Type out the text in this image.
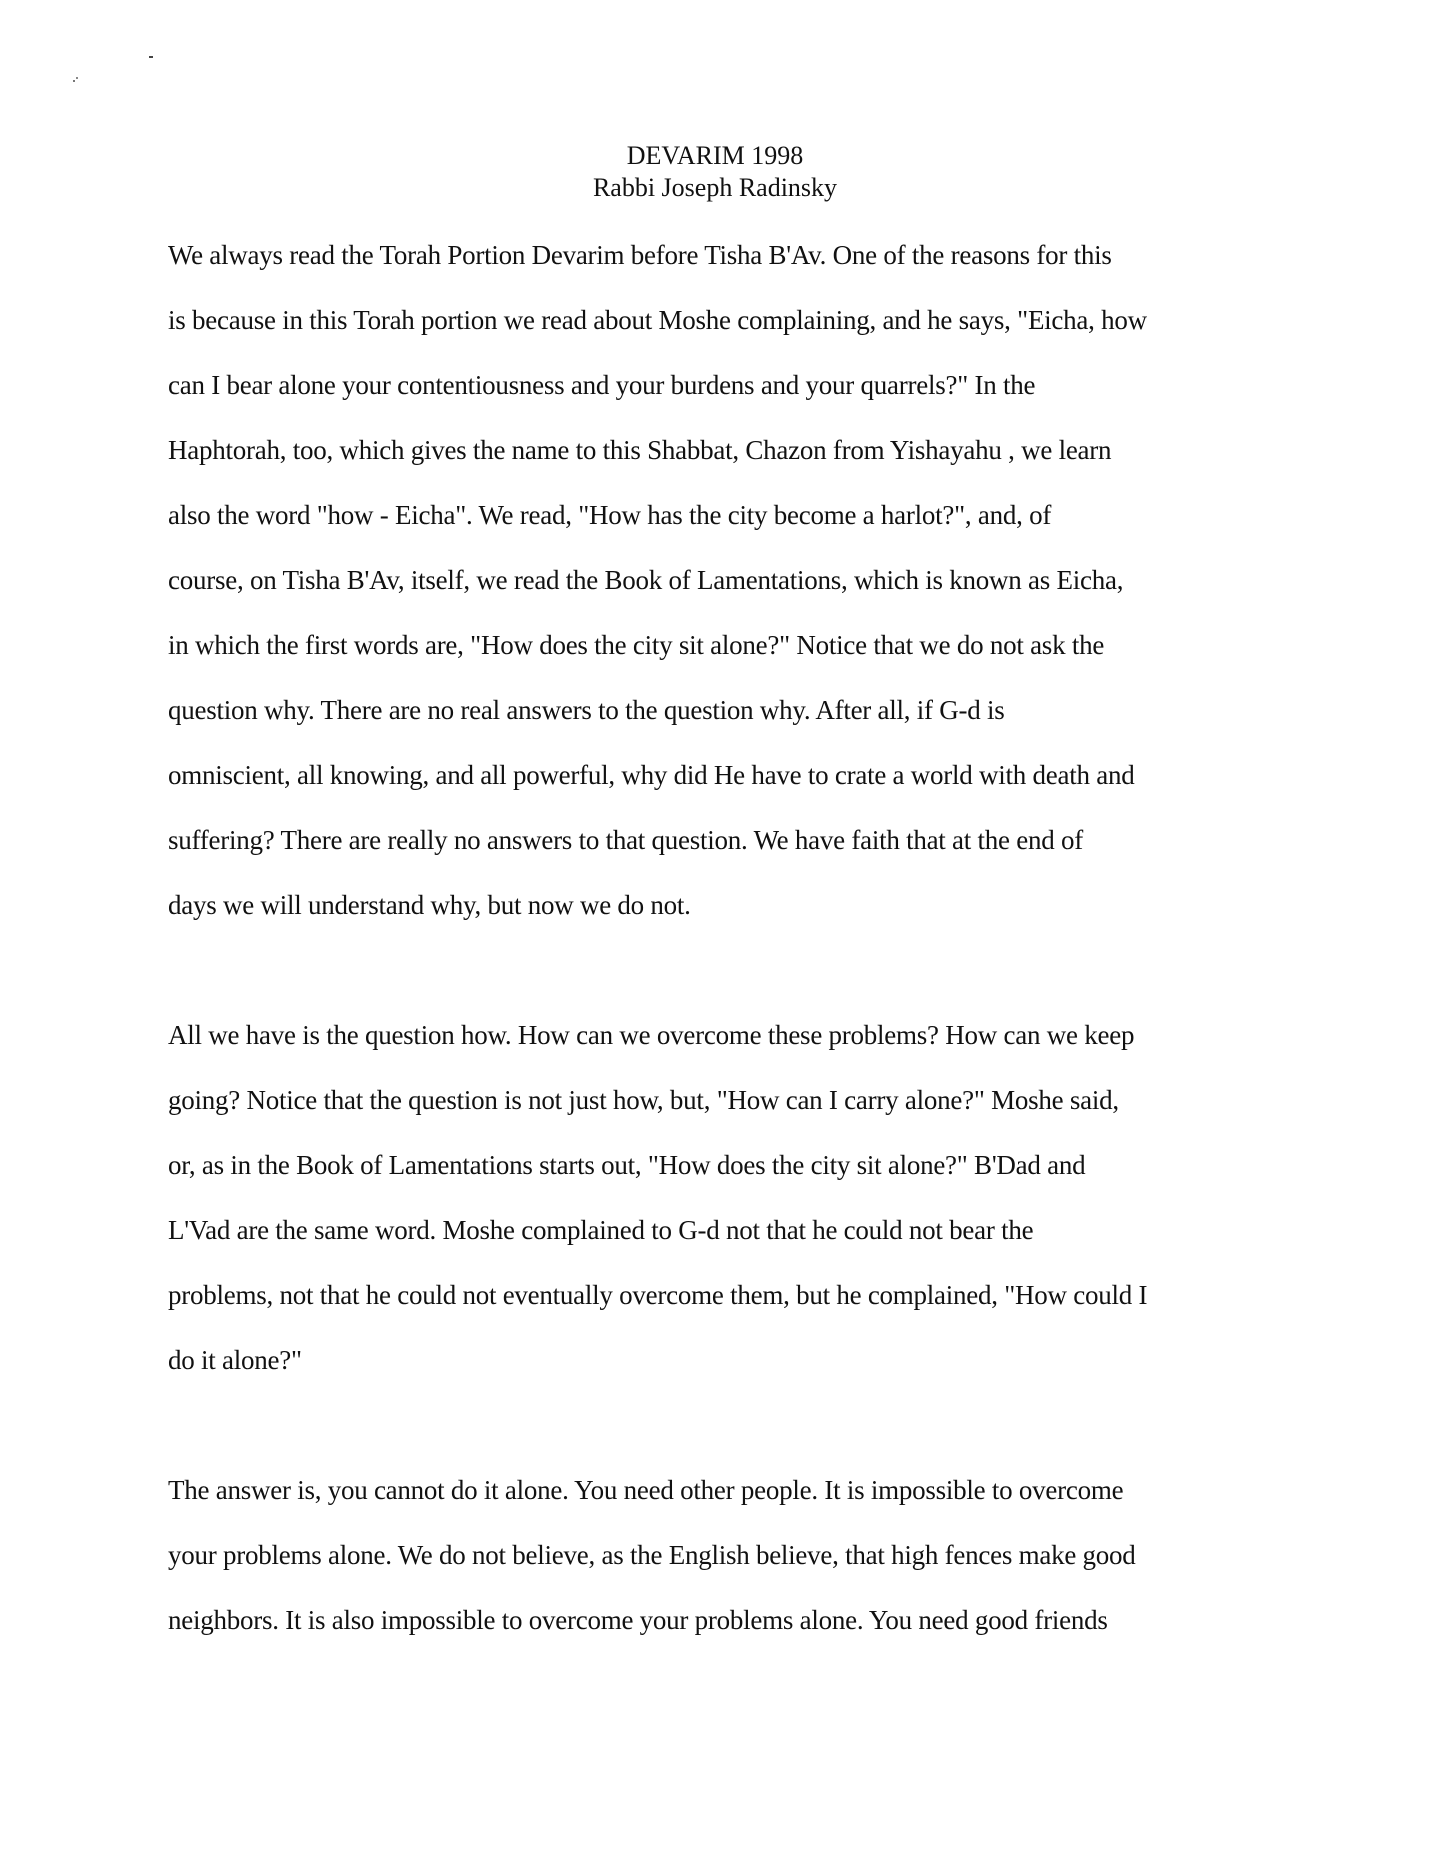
DEVARIM 1998
Rabbi Joseph Radinsky
We always read the Torah Portion Devarim before Tisha B'Av. One of the reasons for this
is because in this Torah portion we read about Moshe complaining, and he says, "Eicha, how
can I bear alone your contentiousness and your burdens and your quarrels?" In the
Haphtorah, too, which gives the name to this Shabbat, Chazon from Yishayahu , we learn
also the word "how - Eicha". We read, "How has the city become a harlot?", and, of
course, on Tisha B'Av, itself, we read the Book of Lamentations, which is known as Eicha,
in which the first words are, "How does the city sit alone?" Notice that we do not ask the
question why. There are no real answers to the question why. After all, if G-d is
omniscient, all knowing, and all powerful, why did He have to crate a world with death and
suffering? There are really no answers to that question. We have faith that at the end of
days we will understand why, but now we do not.
All we have is the question how. How can we overcome these problems? How can we keep
going? Notice that the question is not just how, but, "How can I carry alone?" Moshe said,
or, as in the Book of Lamentations starts out, "How does the city sit alone?" B'Dad and
L'Vad are the same word. Moshe complained to G-d not that he could not bear the
problems, not that he could not eventually overcome them, but he complained, "How could I
do it alone?"
The answer is, you cannot do it alone. You need other people. It is impossible to overcome
your problems alone. We do not believe, as the English believe, that high fences make good
neighbors. It is also impossible to overcome your problems alone. You need good friends
